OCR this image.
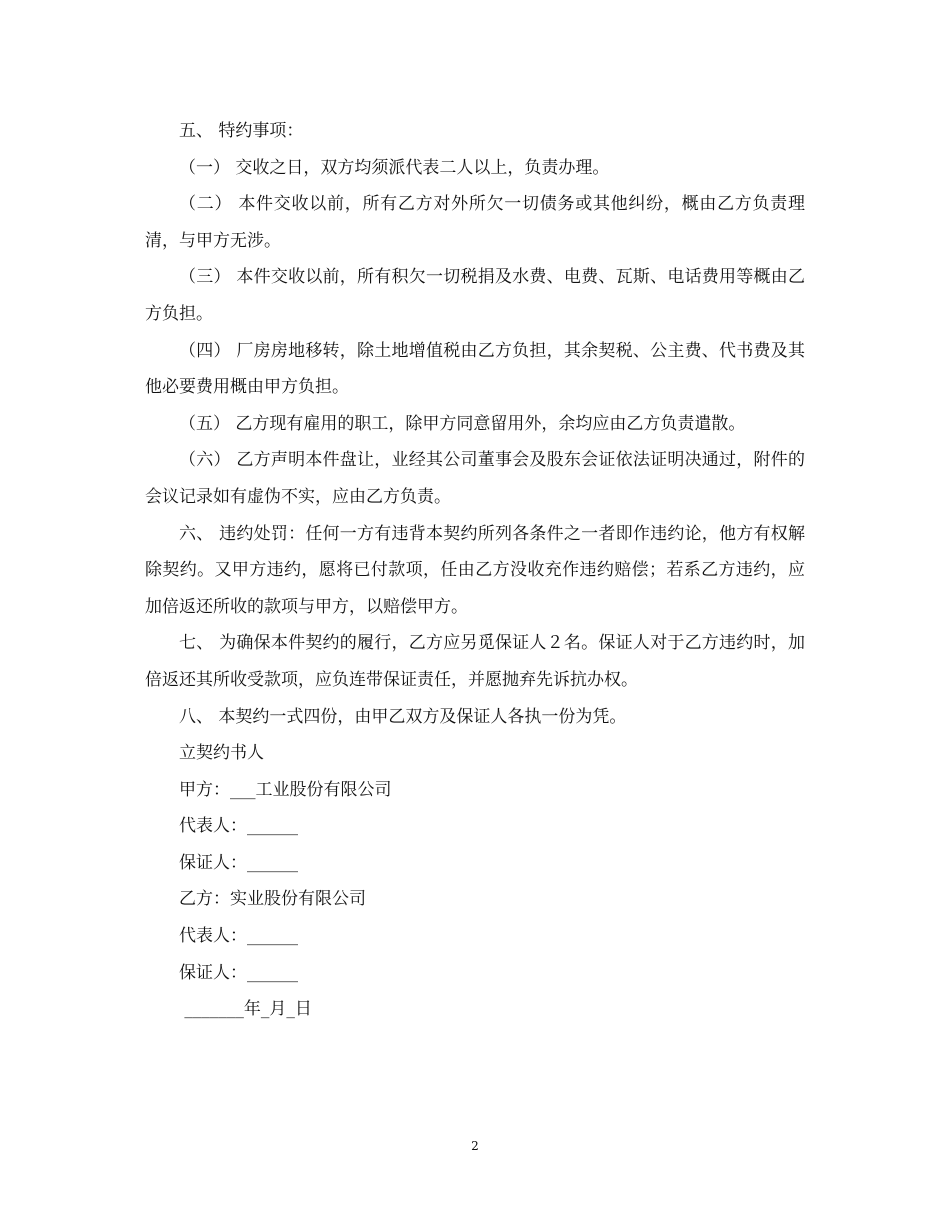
五、 特约事项：

（一） 交收之日，双方均须派代表二人以上，负责办理。

（二） 本件交收以前，所有乙方对外所欠一切债务或其他纠纷，概由乙方负责理清，与甲方无涉。

（三） 本件交收以前，所有积欠一切税捐及水费、电费、瓦斯、电话费用等概由乙方负担。

（四） 厂房房地移转，除土地增值税由乙方负担，其余契税、公主费、代书费及其他必要费用概由甲方负担。

（五） 乙方现有雇用的职工，除甲方同意留用外，余均应由乙方负责遣散。

（六） 乙方声明本件盘让，业经其公司董事会及股东会证依法证明决通过，附件的会议记录如有虚伪不实，应由乙方负责。

六、 违约处罚：任何一方有违背本契约所列各条件之一者即作违约论，他方有权解除契约。又甲方违约，愿将已付款项，任由乙方没收充作违约赔偿；若系乙方违约，应加倍返还所收的款项与甲方，以赔偿甲方。

七、 为确保本件契约的履行，乙方应另觅保证人２名。保证人对于乙方违约时，加倍返还其所收受款项，应负连带保证责任，并愿抛弃先诉抗办权。

八、 本契约一式四份，由甲乙双方及保证人各执一份为凭。

立契约书人

甲方：___工业股份有限公司

代表人：______

保证人：______

乙方：实业股份有限公司

代表人：______

保证人：______

_______年_月_日

2
